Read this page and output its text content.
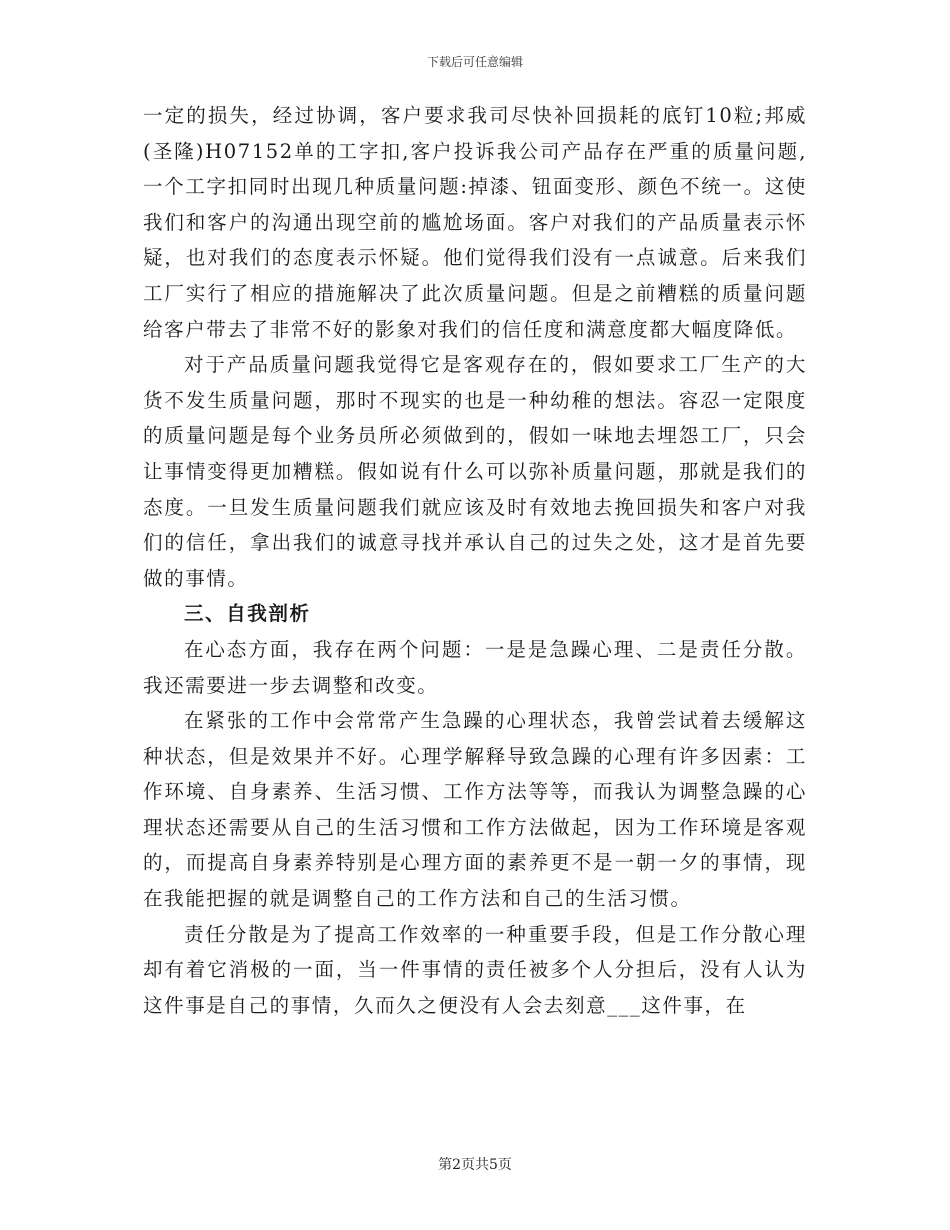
下载后可任意编辑

一定的损失，经过协调，客户要求我司尽快补回损耗的底钉10粒;邦威(圣隆)H07152单的工字扣,客户投诉我公司产品存在严重的质量问题,一个工字扣同时出现几种质量问题:掉漆、钮面变形、颜色不统一。这使我们和客户的沟通出现空前的尴尬场面。客户对我们的产品质量表示怀疑，也对我们的态度表示怀疑。他们觉得我们没有一点诚意。后来我们工厂实行了相应的措施解决了此次质量问题。但是之前糟糕的质量问题给客户带去了非常不好的影象对我们的信任度和满意度都大幅度降低。

对于产品质量问题我觉得它是客观存在的，假如要求工厂生产的大货不发生质量问题，那时不现实的也是一种幼稚的想法。容忍一定限度的质量问题是每个业务员所必须做到的，假如一味地去埋怨工厂，只会让事情变得更加糟糕。假如说有什么可以弥补质量问题，那就是我们的态度。一旦发生质量问题我们就应该及时有效地去挽回损失和客户对我们的信任，拿出我们的诚意寻找并承认自己的过失之处，这才是首先要做的事情。

三、自我剖析

在心态方面，我存在两个问题：一是是急躁心理、二是责任分散。我还需要进一步去调整和改变。

在紧张的工作中会常常产生急躁的心理状态，我曾尝试着去缓解这种状态，但是效果并不好。心理学解释导致急躁的心理有许多因素：工作环境、自身素养、生活习惯、工作方法等等，而我认为调整急躁的心理状态还需要从自己的生活习惯和工作方法做起，因为工作环境是客观的，而提高自身素养特别是心理方面的素养更不是一朝一夕的事情，现在我能把握的就是调整自己的工作方法和自己的生活习惯。

责任分散是为了提高工作效率的一种重要手段，但是工作分散心理却有着它消极的一面，当一件事情的责任被多个人分担后，没有人认为这件事是自己的事情，久而久之便没有人会去刻意___这件事，在

第2页共5页
